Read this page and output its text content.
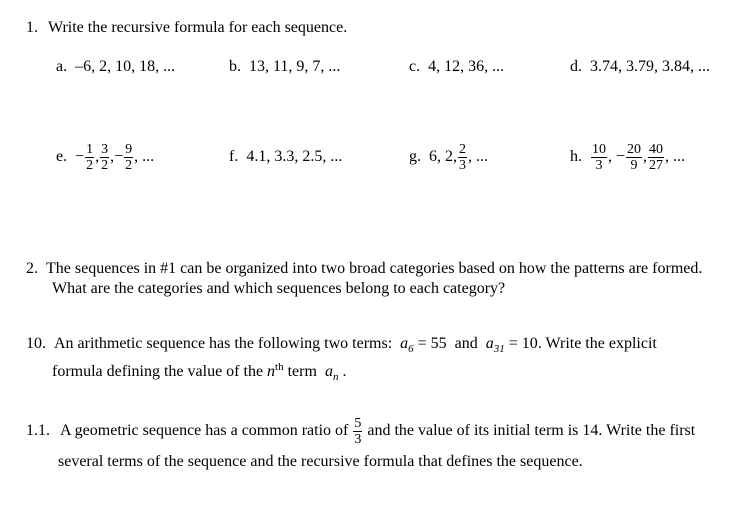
1. Write the recursive formula for each sequence.
a. –6, 2, 10, 18, ...	b. 13, 11, 9, 7, ...	c. 4, 12, 36, ...	d. 3.74, 3.79, 3.84, ...
e. − $\frac{1}{2}$ , $\frac{3}{2}$ ,− $\frac{9}{2}$ , ...	f. 4.1, 3.3, 2.5, ...	g. 6, 2, $\frac{2}{3}$ , ...	h. $\frac{10}{3}$ , − $\frac{20}{9}$ , $\frac{40}{27}$ , ...
2. The sequences in #1 can be organized into two broad categories based on how the patterns are formed.
What are the categories and which sequences belong to each category?
10. An arithmetic sequence has the following two terms: $a_6 = 55$ and $a_{31} = 10$. Write the explicit
formula defining the value of the $n^{th}$ term $a_n$ .
1.1. A geometric sequence has a common ratio of $\frac{5}{3}$ and the value of its initial term is 14. Write the first
several terms of the sequence and the recursive formula that defines the sequence.
